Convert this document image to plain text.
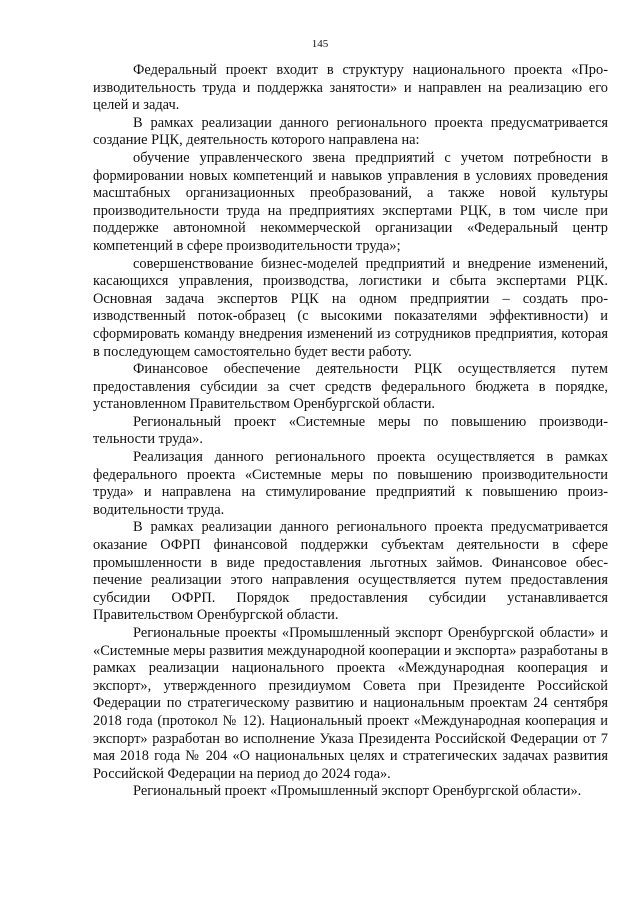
145

Федеральный проект входит в структуру национального проекта «Производительность труда и поддержка занятости» и направлен на реализацию его целей и задач.

В рамках реализации данного регионального проекта предусматривается создание РЦК, деятельность которого направлена на:

обучение управленческого звена предприятий с учетом потребности в формировании новых компетенций и навыков управления в условиях проведения масштабных организационных преобразований, а также новой культуры производительности труда на предприятиях экспертами РЦК, в том числе при поддержке автономной некоммерческой организации «Федеральный центр компетенций в сфере производительности труда»;

совершенствование бизнес-моделей предприятий и внедрение изменений, касающихся управления, производства, логистики и сбыта экспертами РЦК. Основная задача экспертов РЦК на одном предприятии – создать производственный поток-образец (с высокими показателями эффективности) и сформировать команду внедрения изменений из сотрудников предприятия, которая в последующем самостоятельно будет вести работу.

Финансовое обеспечение деятельности РЦК осуществляется путем предоставления субсидии за счет средств федерального бюджета в порядке, установленном Правительством Оренбургской области.

Региональный проект «Системные меры по повышению производительности труда».

Реализация данного регионального проекта осуществляется в рамках федерального проекта «Системные меры по повышению производительности труда» и направлена на стимулирование предприятий к повышению производительности труда.

В рамках реализации данного регионального проекта предусматривается оказание ОФРП финансовой поддержки субъектам деятельности в сфере промышленности в виде предоставления льготных займов. Финансовое обеспечение реализации этого направления осуществляется путем предоставления субсидии ОФРП. Порядок предоставления субсидии устанавливается Правительством Оренбургской области.

Региональные проекты «Промышленный экспорт Оренбургской области» и «Системные меры развития международной кооперации и экспорта» разработаны в рамках реализации национального проекта «Международная кооперация и экспорт», утвержденного президиумом Совета при Президенте Российской Федерации по стратегическому развитию и национальным проектам 24 сентября 2018 года (протокол № 12). Национальный проект «Международная кооперация и экспорт» разработан во исполнение Указа Президента Российской Федерации от 7 мая 2018 года № 204 «О национальных целях и стратегических задачах развития Российской Федерации на период до 2024 года».

Региональный проект «Промышленный экспорт Оренбургской области».
